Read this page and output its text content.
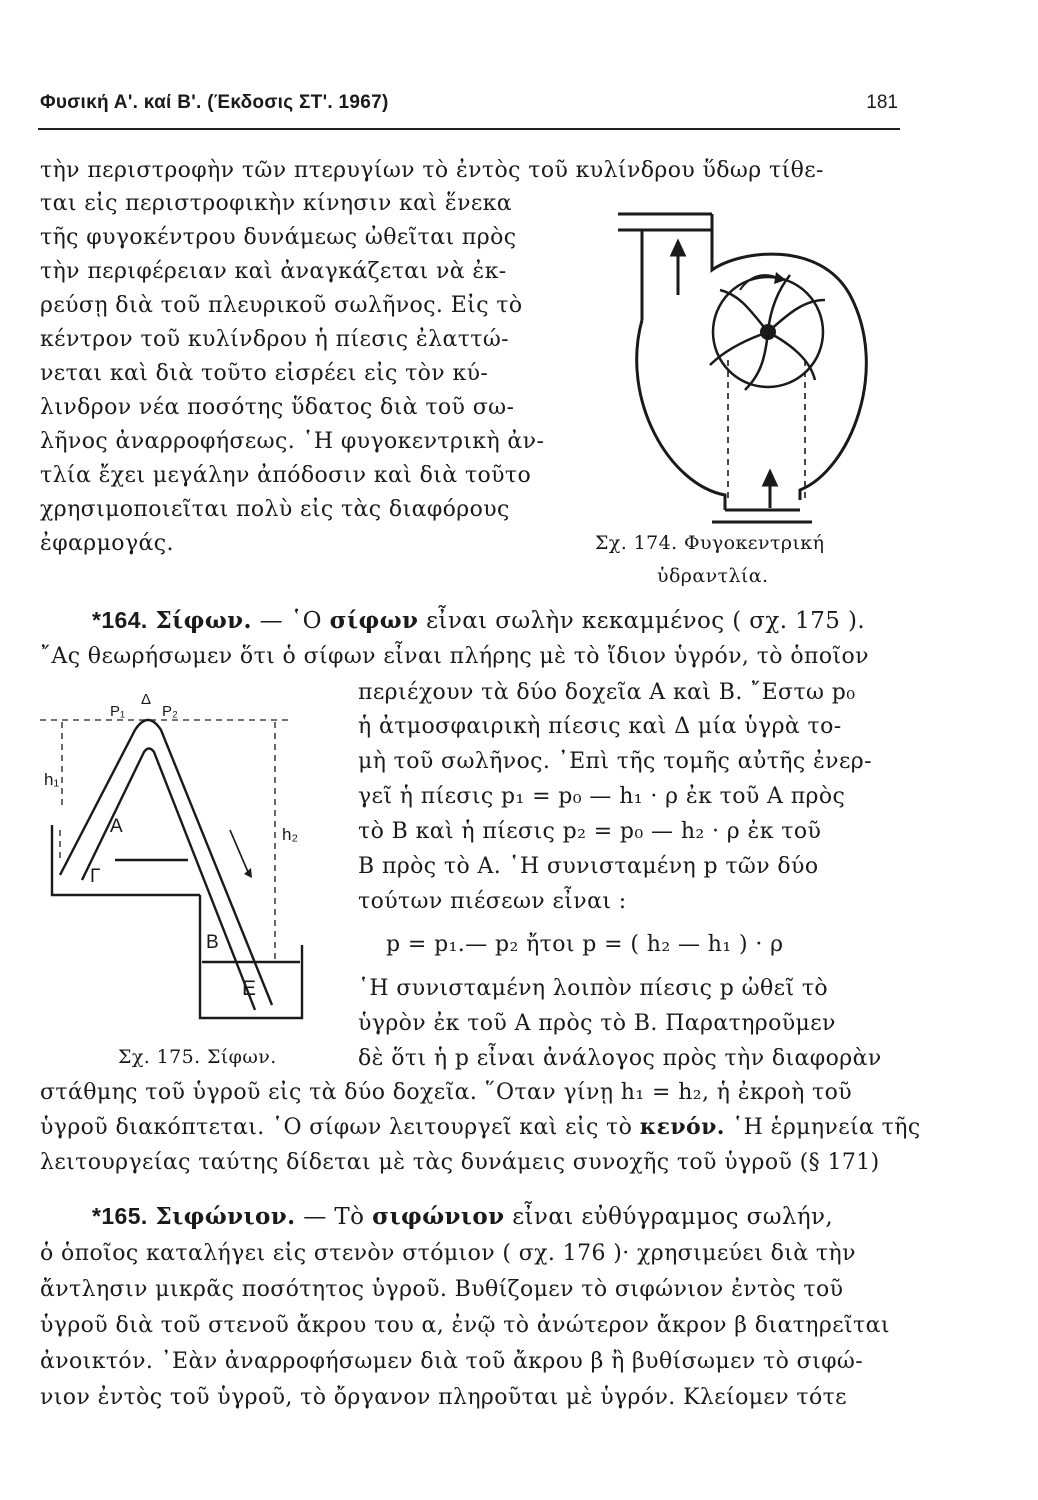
Φυσική Α'. καί Β'. (Έκδοσις ΣΤ'. 1967)	181
τὴν περιστροφὴν τῶν πτερυγίων τὸ ἐντὸς τοῦ κυλίνδρου ὕδωρ τίθε-
ται εἰς περιστροφικὴν κίνησιν καὶ ἕνεκα
τῆς φυγοκέντρου δυνάμεως ὠθεῖται πρὸς
τὴν περιφέρειαν καὶ ἀναγκάζεται νὰ ἐκ-
ρεύσῃ διὰ τοῦ πλευρικοῦ σωλῆνος. Εἰς τὸ
κέντρον τοῦ κυλίνδρου ἡ πίεσις ἐλαττώ-
νεται καὶ διὰ τοῦτο εἰσρέει εἰς τὸν κύ-
λινδρον νέα ποσότης ὕδατος διὰ τοῦ σω-
λῆνος ἀναρροφήσεως. ῾Η φυγοκεντρικὴ ἀν-
τλία ἔχει μεγάλην ἀπόδοσιν καὶ διὰ τοῦτο
χρησιμοποιεῖται πολὺ εἰς τὰς διαφόρους
ἐφαρμογάς.	Σχ. 174. Φυγοκεντρική
ὑδραντλία.
*164. Σίφων. — ῾Ο σίφων εἶναι σωλὴν κεκαμμένος ( σχ. 175 ).
῎Ας θεωρήσωμεν ὅτι ὁ σίφων εἶναι πλήρης μὲ τὸ ἴδιον ὑγρόν, τὸ ὁποῖον
περιέχουν τὰ δύο δοχεῖα Α καὶ Β. ῎Εστω p₀
ἡ ἀτμοσφαιρικὴ πίεσις καὶ Δ μία ὑγρὰ το-
μὴ τοῦ σωλῆνος. ᾿Επὶ τῆς τομῆς αὐτῆς ἐνερ-
γεῖ ἡ πίεσις p₁ = p₀ — h₁ · ρ ἐκ τοῦ Α πρὸς
τὸ Β καὶ ἡ πίεσις p₂ = p₀ — h₂ · ρ ἐκ τοῦ
Β πρὸς τὸ Α. ῾Η συνισταμένη p τῶν δύο
τούτων πιέσεων εἶναι :
p = p₁.— p₂ ἤτοι p = ( h₂ — h₁ ) · ρ
῾Η συνισταμένη λοιπὸν πίεσις p ὠθεῖ τὸ
ὑγρὸν ἐκ τοῦ Α πρὸς τὸ Β. Παρατηροῦμεν
δὲ ὅτι ἡ p εἶναι ἀνάλογος πρὸς τὴν διαφορὰν
P₁
Δ
P₂
h₁
h₂
A
Γ
B
E
Σχ. 175. Σίφων.
στάθμης τοῦ ὑγροῦ εἰς τὰ δύο δοχεῖα. ῞Οταν γίνῃ h₁ = h₂, ἡ ἐκροὴ τοῦ
ὑγροῦ διακόπτεται. ῾Ο σίφων λειτουργεῖ καὶ εἰς τὸ κενόν. ῾Η ἑρμηνεία τῆς
λειτουργείας ταύτης δίδεται μὲ τὰς δυνάμεις συνοχῆς τοῦ ὑγροῦ (§ 171)
*165. Σιφώνιον. — Τὸ σιφώνιον εἶναι εὐθύγραμμος σωλήν,
ὁ ὁποῖος καταλήγει εἰς στενὸν στόμιον ( σχ. 176 )· χρησιμεύει διὰ τὴν
ἄντλησιν μικρᾶς ποσότητος ὑγροῦ. Βυθίζομεν τὸ σιφώνιον ἐντὸς τοῦ
ὑγροῦ διὰ τοῦ στενοῦ ἄκρου του α, ἐνῷ τὸ ἀνώτερον ἄκρον β διατηρεῖται
ἀνοικτόν. ᾿Εὰν ἀναρροφήσωμεν διὰ τοῦ ἄκρου β ἢ βυθίσωμεν τὸ σιφώ-
νιον ἐντὸς τοῦ ὑγροῦ, τὸ ὄργανον πληροῦται μὲ ὑγρόν. Κλείομεν τότε
